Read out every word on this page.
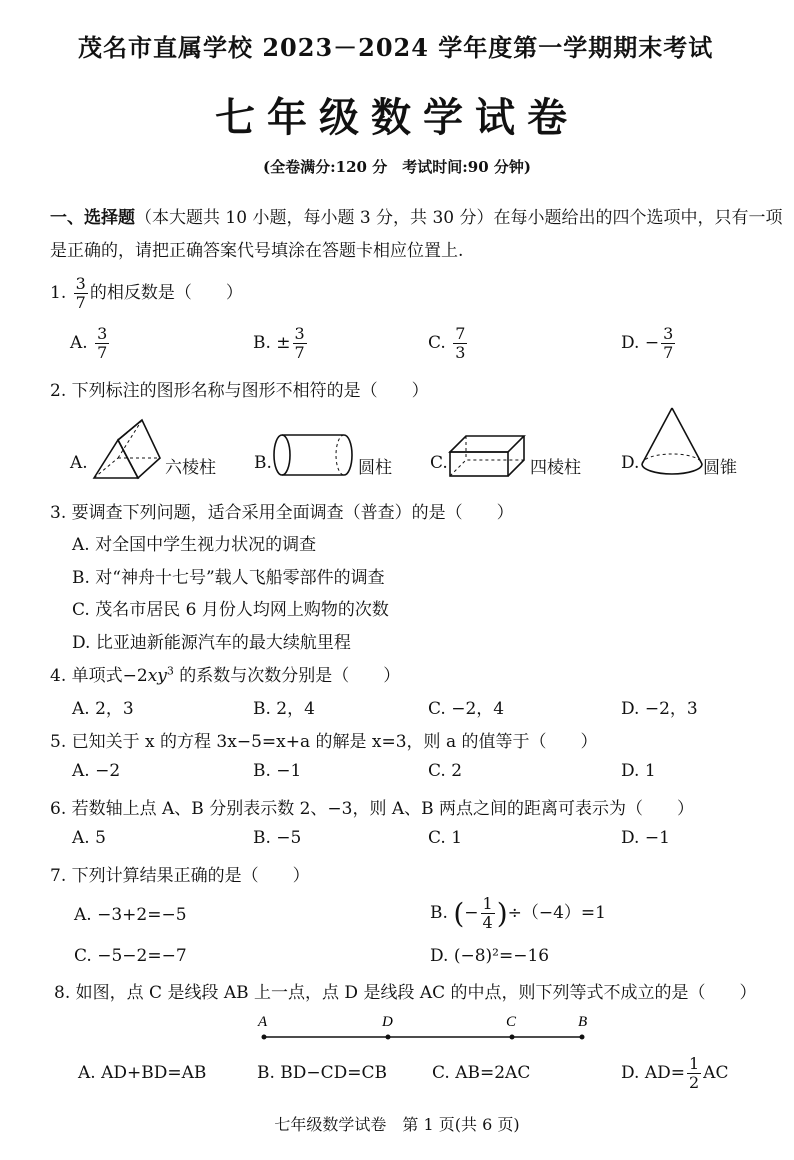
茂名市直属学校 2023－2024 学年度第一学期期末考试
七年级数学试卷
(全卷满分:120 分　考试时间:90 分钟)
一、选择题（本大题共 10 小题，每小题 3 分，共 30 分）在每小题给出的四个选项中，只有一项是正确的，请把正确答案代号填涂在答题卡相应位置上.
1. $\frac{3}{7}$ 的相反数是（　　）
A. $\frac{3}{7}$	B. ± $\frac{3}{7}$	C. $\frac{7}{3}$	D. − $\frac{3}{7}$
2. 下列标注的图形名称与图形不相符的是（　　）
A.	六棱柱 B.	圆柱 C.	四棱柱 D.	圆锥
3. 要调查下列问题，适合采用全面调查（普查）的是（　　）
A. 对全国中学生视力状况的调查
B. 对“神舟十七号”载人飞船零部件的调查
C. 茂名市居民 6 月份人均网上购物的次数
D. 比亚迪新能源汽车的最大续航里程
4. 单项式$-2xy^3$ 的系数与次数分别是（　　）
A. 2，3	B. 2，4	C. −2，4	D. −2，3
5. 已知关于 x 的方程 3x−5=x+a 的解是 x=3，则 a 的值等于（　　）
A. −2	B. −1	C. 2	D. 1
6. 若数轴上点 A、B 分别表示数 2、−3，则 A、B 两点之间的距离可表示为（　　）
A. 5	B. −5	C. 1	D. −1
7. 下列计算结果正确的是（　　）
A. −3+2=−5	B. (− $\frac{1}{4} )\div(-4)=1$
C. −5−2=−7	D. (−8)²=−16
8. 如图，点 C 是线段 AB 上一点，点 D 是线段 AC 的中点，则下列等式不成立的是（　　）
A	D	C	B
A. AD+BD=AB	B. BD−CD=CB	C. AB=2AC	D. $AD= \frac{1}{2}$ AC
七年级数学试卷　第 1 页(共 6 页)
